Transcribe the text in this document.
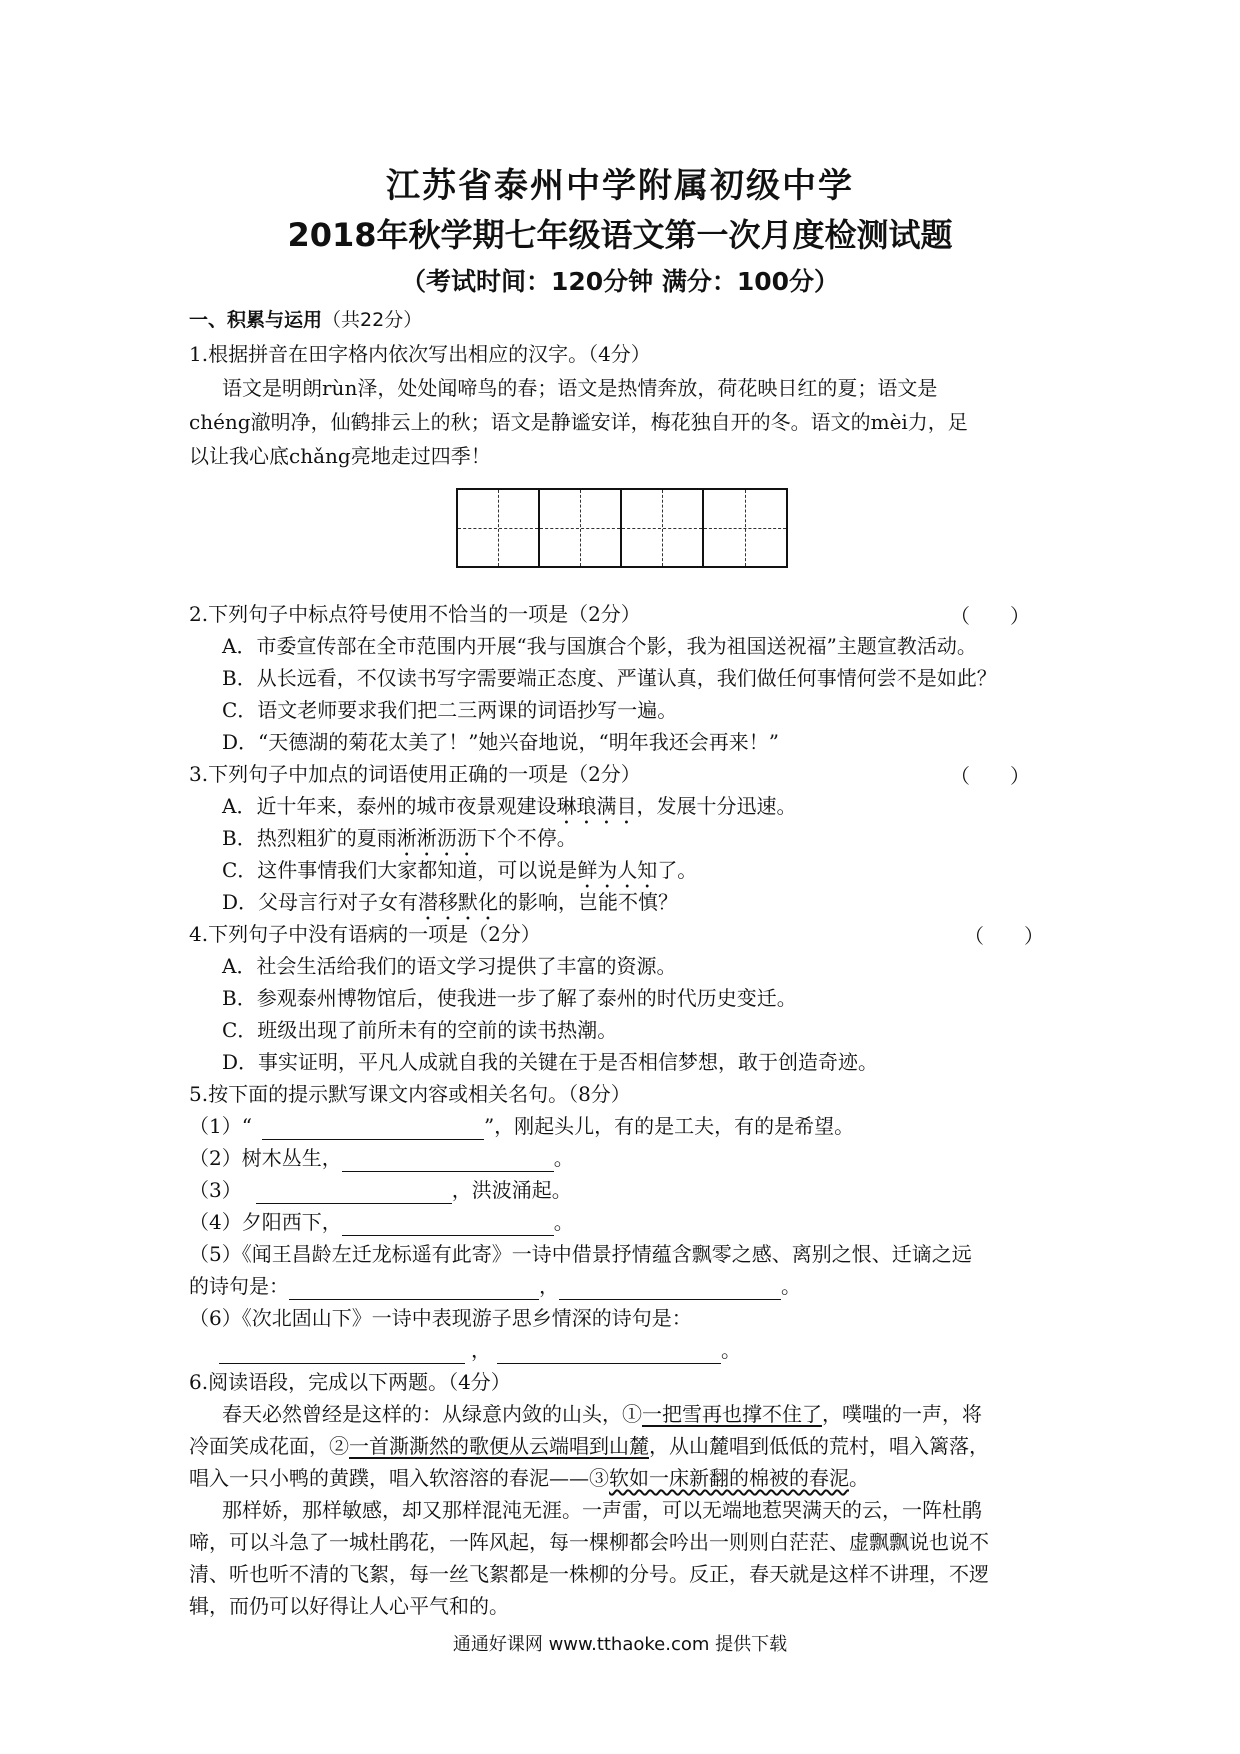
江苏省泰州中学附属初级中学
2018年秋学期七年级语文第一次月度检测试题
（考试时间：120分钟 满分：100分）
一、积累与运用（共22分）
1.根据拼音在田字格内依次写出相应的汉字。（4分）
语文是明朗rùn泽，处处闻啼鸟的春；语文是热情奔放，荷花映日红的夏；语文是
chéng澈明净，仙鹤排云上的秋；语文是静谧安详，梅花独自开的冬。语文的mèi力，足
以让我心底chǎng亮地走过四季！
2.下列句子中标点符号使用不恰当的一项是（2分）	（　　）
A．市委宣传部在全市范围内开展“我与国旗合个影，我为祖国送祝福”主题宣教活动。
B．从长远看，不仅读书写字需要端正态度、严谨认真，我们做任何事情何尝不是如此？
C．语文老师要求我们把二三两课的词语抄写一遍。
D．“天德湖的菊花太美了！”她兴奋地说，“明年我还会再来！”
3.下列句子中加点的词语使用正确的一项是（2分）	（　　）
A．近十年来，泰州的城市夜景观建设琳琅满目，发展十分迅速。
B．热烈粗犷的夏雨淅淅沥沥下个不停。
C．这件事情我们大家都知道，可以说是鲜为人知了。
D．父母言行对子女有潜移默化的影响，岂能不慎？
4.下列句子中没有语病的一项是（2分）	（　　）
A．社会生活给我们的语文学习提供了丰富的资源。
B．参观泰州博物馆后，使我进一步了解了泰州的时代历史变迁。
C．班级出现了前所未有的空前的读书热潮。
D．事实证明，平凡人成就自我的关键在于是否相信梦想，敢于创造奇迹。
5.按下面的提示默写课文内容或相关名句。（8分）
（1）“	”，刚起头儿，有的是工夫，有的是希望。
（2）树木丛生，	。
（3）	，洪波涌起。
（4）夕阳西下，	。
（5）《闻王昌龄左迁龙标遥有此寄》一诗中借景抒情蕴含飘零之感、离别之恨、迁谪之远
的诗句是：	，	。
（6）《次北固山下》一诗中表现游子思乡情深的诗句是：
，	。
6.阅读语段，完成以下两题。（4分）
春天必然曾经是这样的：从绿意内敛的山头，①一把雪再也撑不住了，噗嗤的一声，将
冷面笑成花面，②一首澌澌然的歌便从云端唱到山麓，从山麓唱到低低的荒村，唱入篱落，
唱入一只小鸭的黄蹼，唱入软溶溶的春泥——③软如一床新翻的棉被的春泥。
那样娇，那样敏感，却又那样混沌无涯。一声雷，可以无端地惹哭满天的云，一阵杜鹃
啼，可以斗急了一城杜鹃花，一阵风起，每一棵柳都会吟出一则则白茫茫、虚飘飘说也说不
清、听也听不清的飞絮，每一丝飞絮都是一株柳的分号。反正，春天就是这样不讲理，不逻
辑，而仍可以好得让人心平气和的。
通通好课网 www.tthaoke.com 提供下载
